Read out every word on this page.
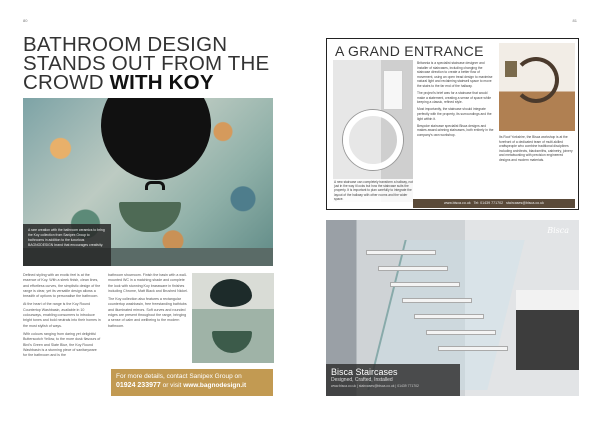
80	81
BATHROOM DESIGN
STANDS OUT FROM THE
CROWD WITH KOY
A rare creation with the bathroom ceramics to bring the Koy collection from Sanipex Group to bathrooms in addition to the luxurious BAGNODESIGN brand that encourages creativity.

Defined styling with an exotic feel is at the essence of Koy. With a sleek finish, clean lines, and effortless curves, the simplistic design of the range is clear, yet its versatile design allows a breadth of options to personalise the bathroom.

At the heart of the range is the Koy Round Countertop Washbasin, available in 10 colourways, enabling consumers to introduce bright tones and bold neutrals into their homes in the most stylish of ways.

With colours ranging from daring yet delightful Butterscotch Yellow, to the more dusk flavours of Bird's Green and Slate Blue, the Koy Round Washbasin is a stunning piece of sanitaryware for the bathroom and is the

bathroom showroom. Finish the basin with a wall-mounted WC in a matching shade and complete the look with stunning Koy brassware in finishes including Chrome, Matt Black and Brushed Nickel.

The Koy collection also features a rectangular countertop washbasin, free freestanding bathtubs and illuminated mirrors. Soft curves and rounded edges are present throughout the range, bringing a sense of calm and wellbeing to the modern bathroom.

For more details, contact Sanipex Group on
01924 233977 or visit www.bagnodesign.it
A GRAND ENTRANCE
A new staircase can completely transform a hallway, not just in the way it looks but how the staircase suits the property. It is important to plan carefully to integrate the layout of the hallway with other rooms and the wider space.

Britannia is a specialist staircase designer and installer of staircases, including changing the staircase direction to create a better flow of movement, using an open tread design to maximise natural light and reclaiming stairwell space to move the stairs to the far end of the hallway.

The project's brief was for a staircase that would make a statement, creating a sense of space while keeping a classic, refined style.

Most importantly, the staircase should integrate perfectly with the property, its surroundings and the light within it.

Bespoke staircase specialist Bisca designs and makes award-winning staircases, both entirely in the company's own workshop.

Its Roof Yorkshire, the Bisca workshop is at the forefront of a dedicated team of multi-skilled craftspeople who combine traditional disciplines including architects, blacksmiths, cabinetry, joinery and metalworking with precision engineered designs and modern materials.

www.bisca.co.uk Tel: 01439 771702 staircases@bisca.co.uk
Bisca
Bisca Staircases
Designed, Crafted, Installed
www.bisca.co.uk | staircases@bisca.co.uk | 01439 771702
